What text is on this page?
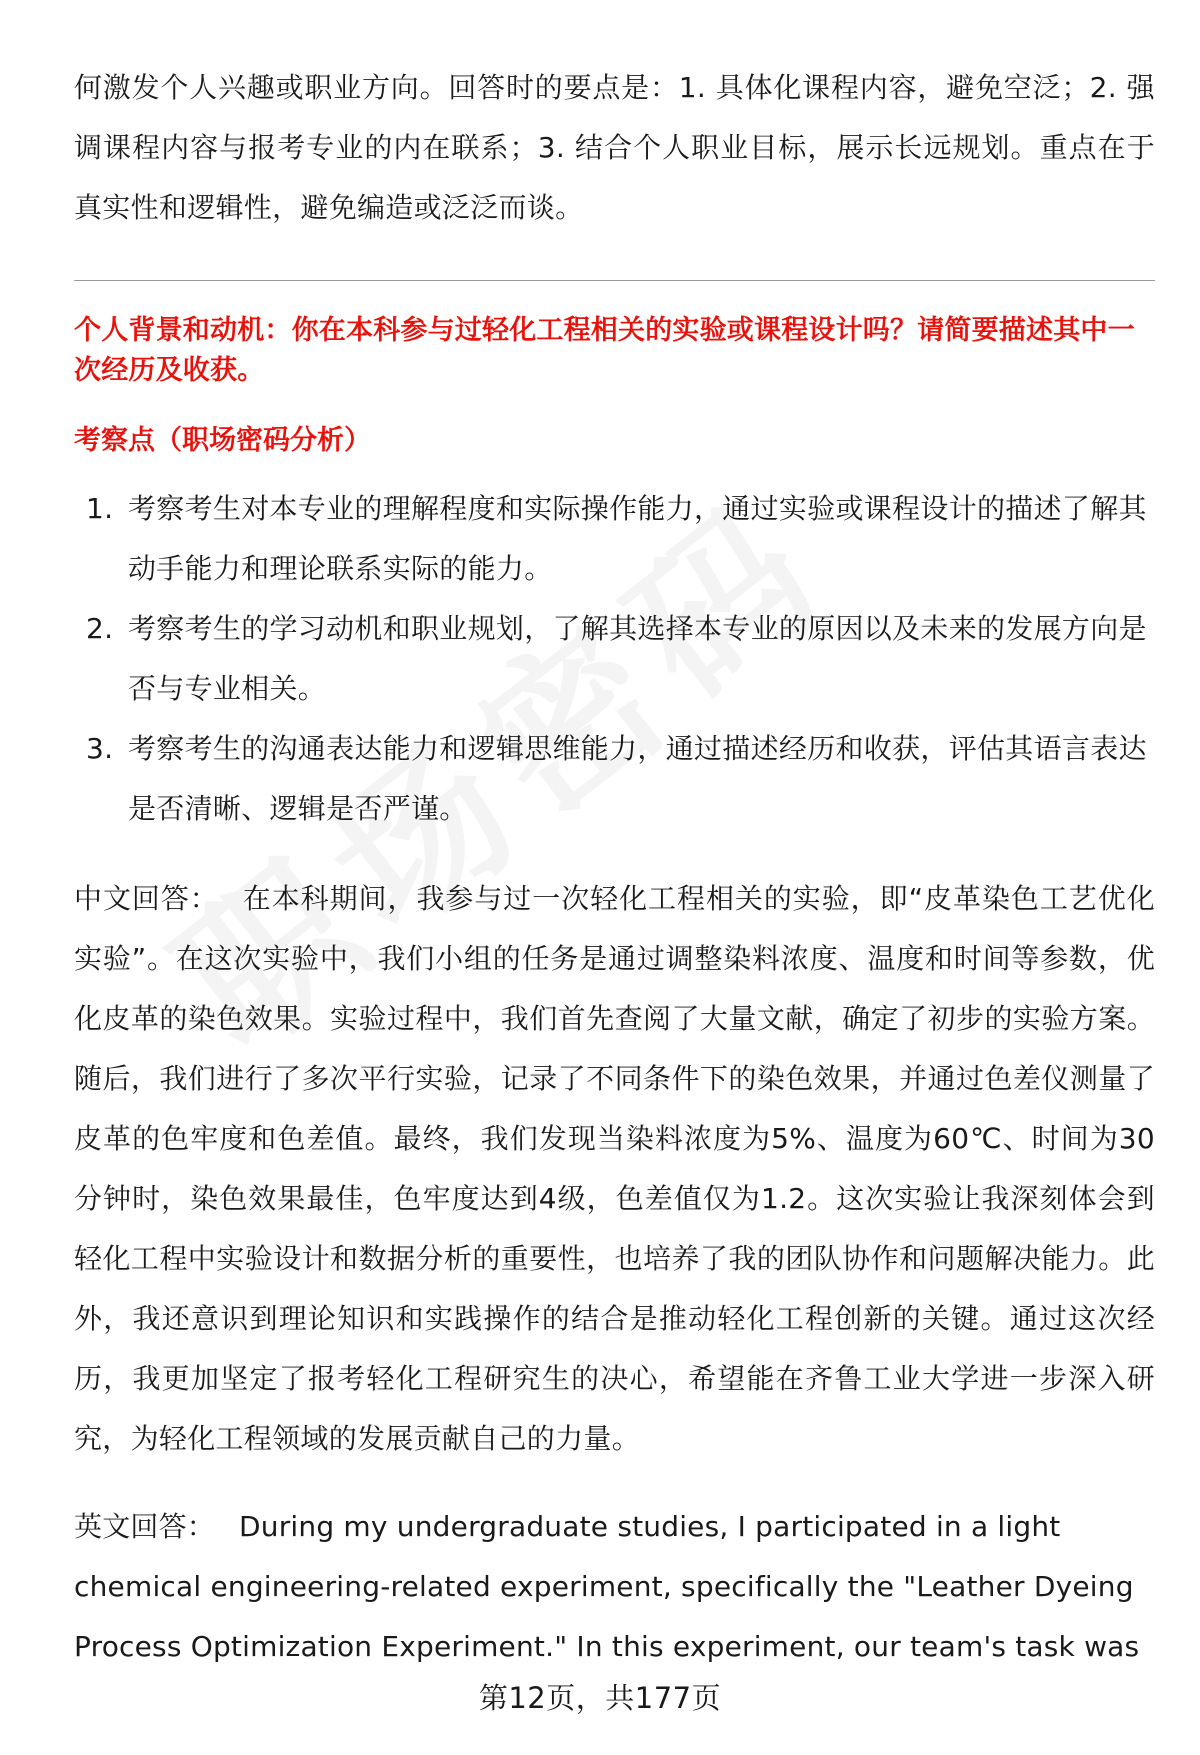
何激发个人兴趣或职业方向。回答时的要点是：1. 具体化课程内容，避免空泛；2. 强调课程内容与报考专业的内在联系；3. 结合个人职业目标，展示长远规划。重点在于真实性和逻辑性，避免编造或泛泛而谈。

个人背景和动机：你在本科参与过轻化工程相关的实验或课程设计吗？请简要描述其中一次经历及收获。

考察点（职场密码分析）
1. 考察考生对本专业的理解程度和实际操作能力，通过实验或课程设计的描述了解其动手能力和理论联系实际的能力。
2. 考察考生的学习动机和职业规划，了解其选择本专业的原因以及未来的发展方向是否与专业相关。
3. 考察考生的沟通表达能力和逻辑思维能力，通过描述经历和收获，评估其语言表达是否清晰、逻辑是否严谨。

中文回答： 在本科期间，我参与过一次轻化工程相关的实验，即“皮革染色工艺优化实验”。在这次实验中，我们小组的任务是通过调整染料浓度、温度和时间等参数，优化皮革的染色效果。实验过程中，我们首先查阅了大量文献，确定了初步的实验方案。随后，我们进行了多次平行实验，记录了不同条件下的染色效果，并通过色差仪测量了皮革的色牢度和色差值。最终，我们发现当染料浓度为5%、温度为60℃、时间为30分钟时，染色效果最佳，色牢度达到4级，色差值仅为1.2。这次实验让我深刻体会到轻化工程中实验设计和数据分析的重要性，也培养了我的团队协作和问题解决能力。此外，我还意识到理论知识和实践操作的结合是推动轻化工程创新的关键。通过这次经历，我更加坚定了报考轻化工程研究生的决心，希望能在齐鲁工业大学进一步深入研究，为轻化工程领域的发展贡献自己的力量。

英文回答： During my undergraduate studies, I participated in a light chemical engineering-related experiment, specifically the "Leather Dyeing Process Optimization Experiment." In this experiment, our team's task was

第12页，共177页
